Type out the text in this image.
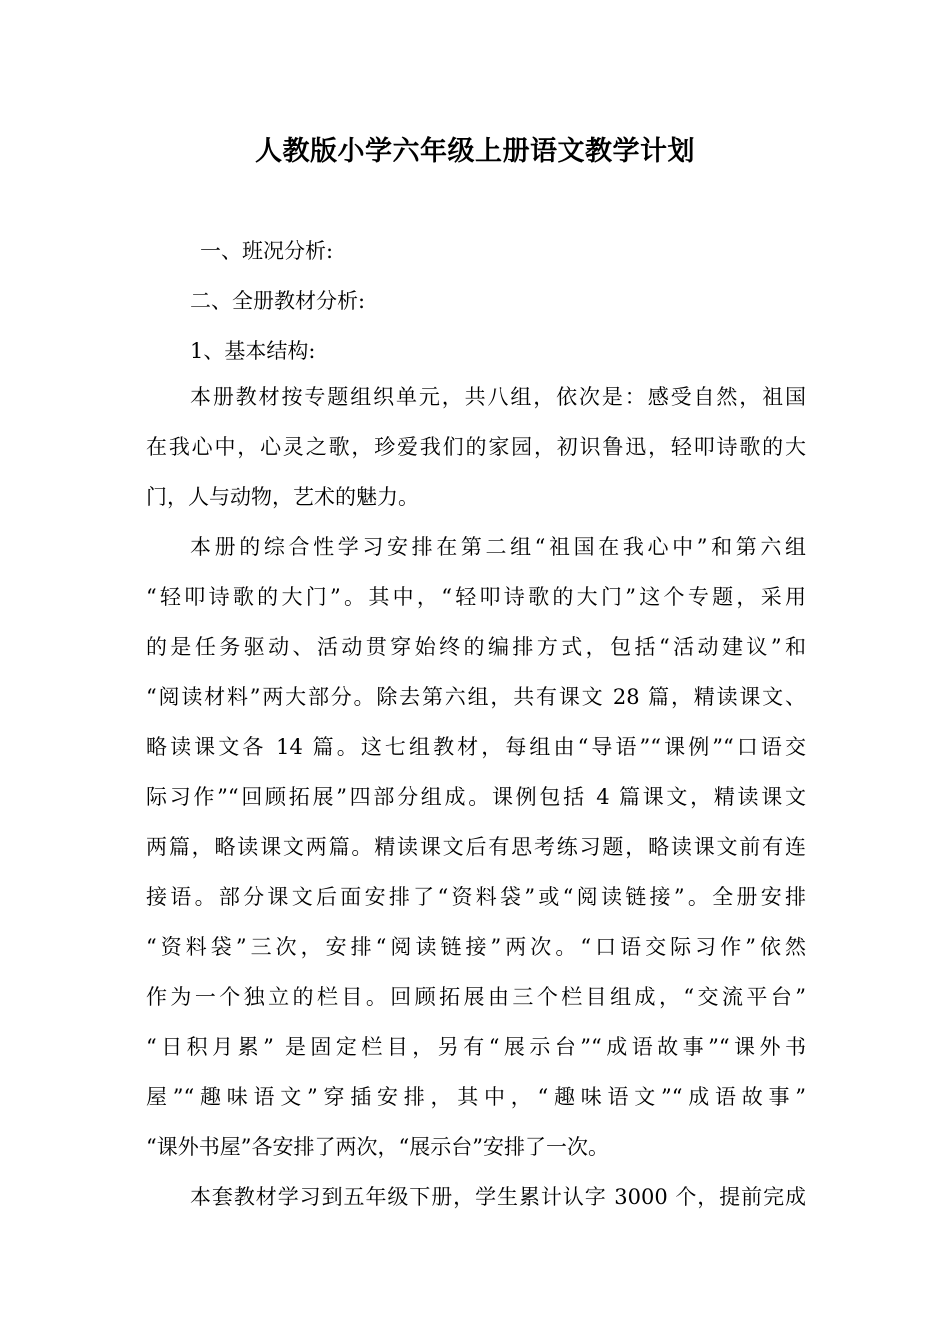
人教版小学六年级上册语文教学计划

一、班况分析:

二、全册教材分析:

1、基本结构:

本册教材按专题组织单元，共八组，依次是：感受自然，祖国
在我心中，心灵之歌，珍爱我们的家园，初识鲁迅，轻叩诗歌的大
门，人与动物，艺术的魅力。
本册的综合性学习安排在第二组“祖国在我心中”和第六组
“轻叩诗歌的大门”。其中，“轻叩诗歌的大门”这个专题，采用
的是任务驱动、活动贯穿始终的编排方式，包括“活动建议”和
“阅读材料”两大部分。除去第六组，共有课文 28 篇，精读课文、
略读课文各 14 篇。这七组教材，每组由“导语”“课例”“口语交
际习作”“回顾拓展”四部分组成。课例包括 4 篇课文，精读课文
两篇，略读课文两篇。精读课文后有思考练习题，略读课文前有连
接语。部分课文后面安排了“资料袋”或“阅读链接”。全册安排
“资料袋”三次，安排“阅读链接”两次。“口语交际习作”依然
作为一个独立的栏目。回顾拓展由三个栏目组成，“交流平台”
“日积月累” 是固定栏目，另有“展示台”“成语故事”“课外书
屋”“趣味语文”穿插安排，其中，“趣味语文”“成语故事”
“课外书屋”各安排了两次，“展示台”安排了一次。
本套教材学习到五年级下册，学生累计认字 3000 个，提前完成
